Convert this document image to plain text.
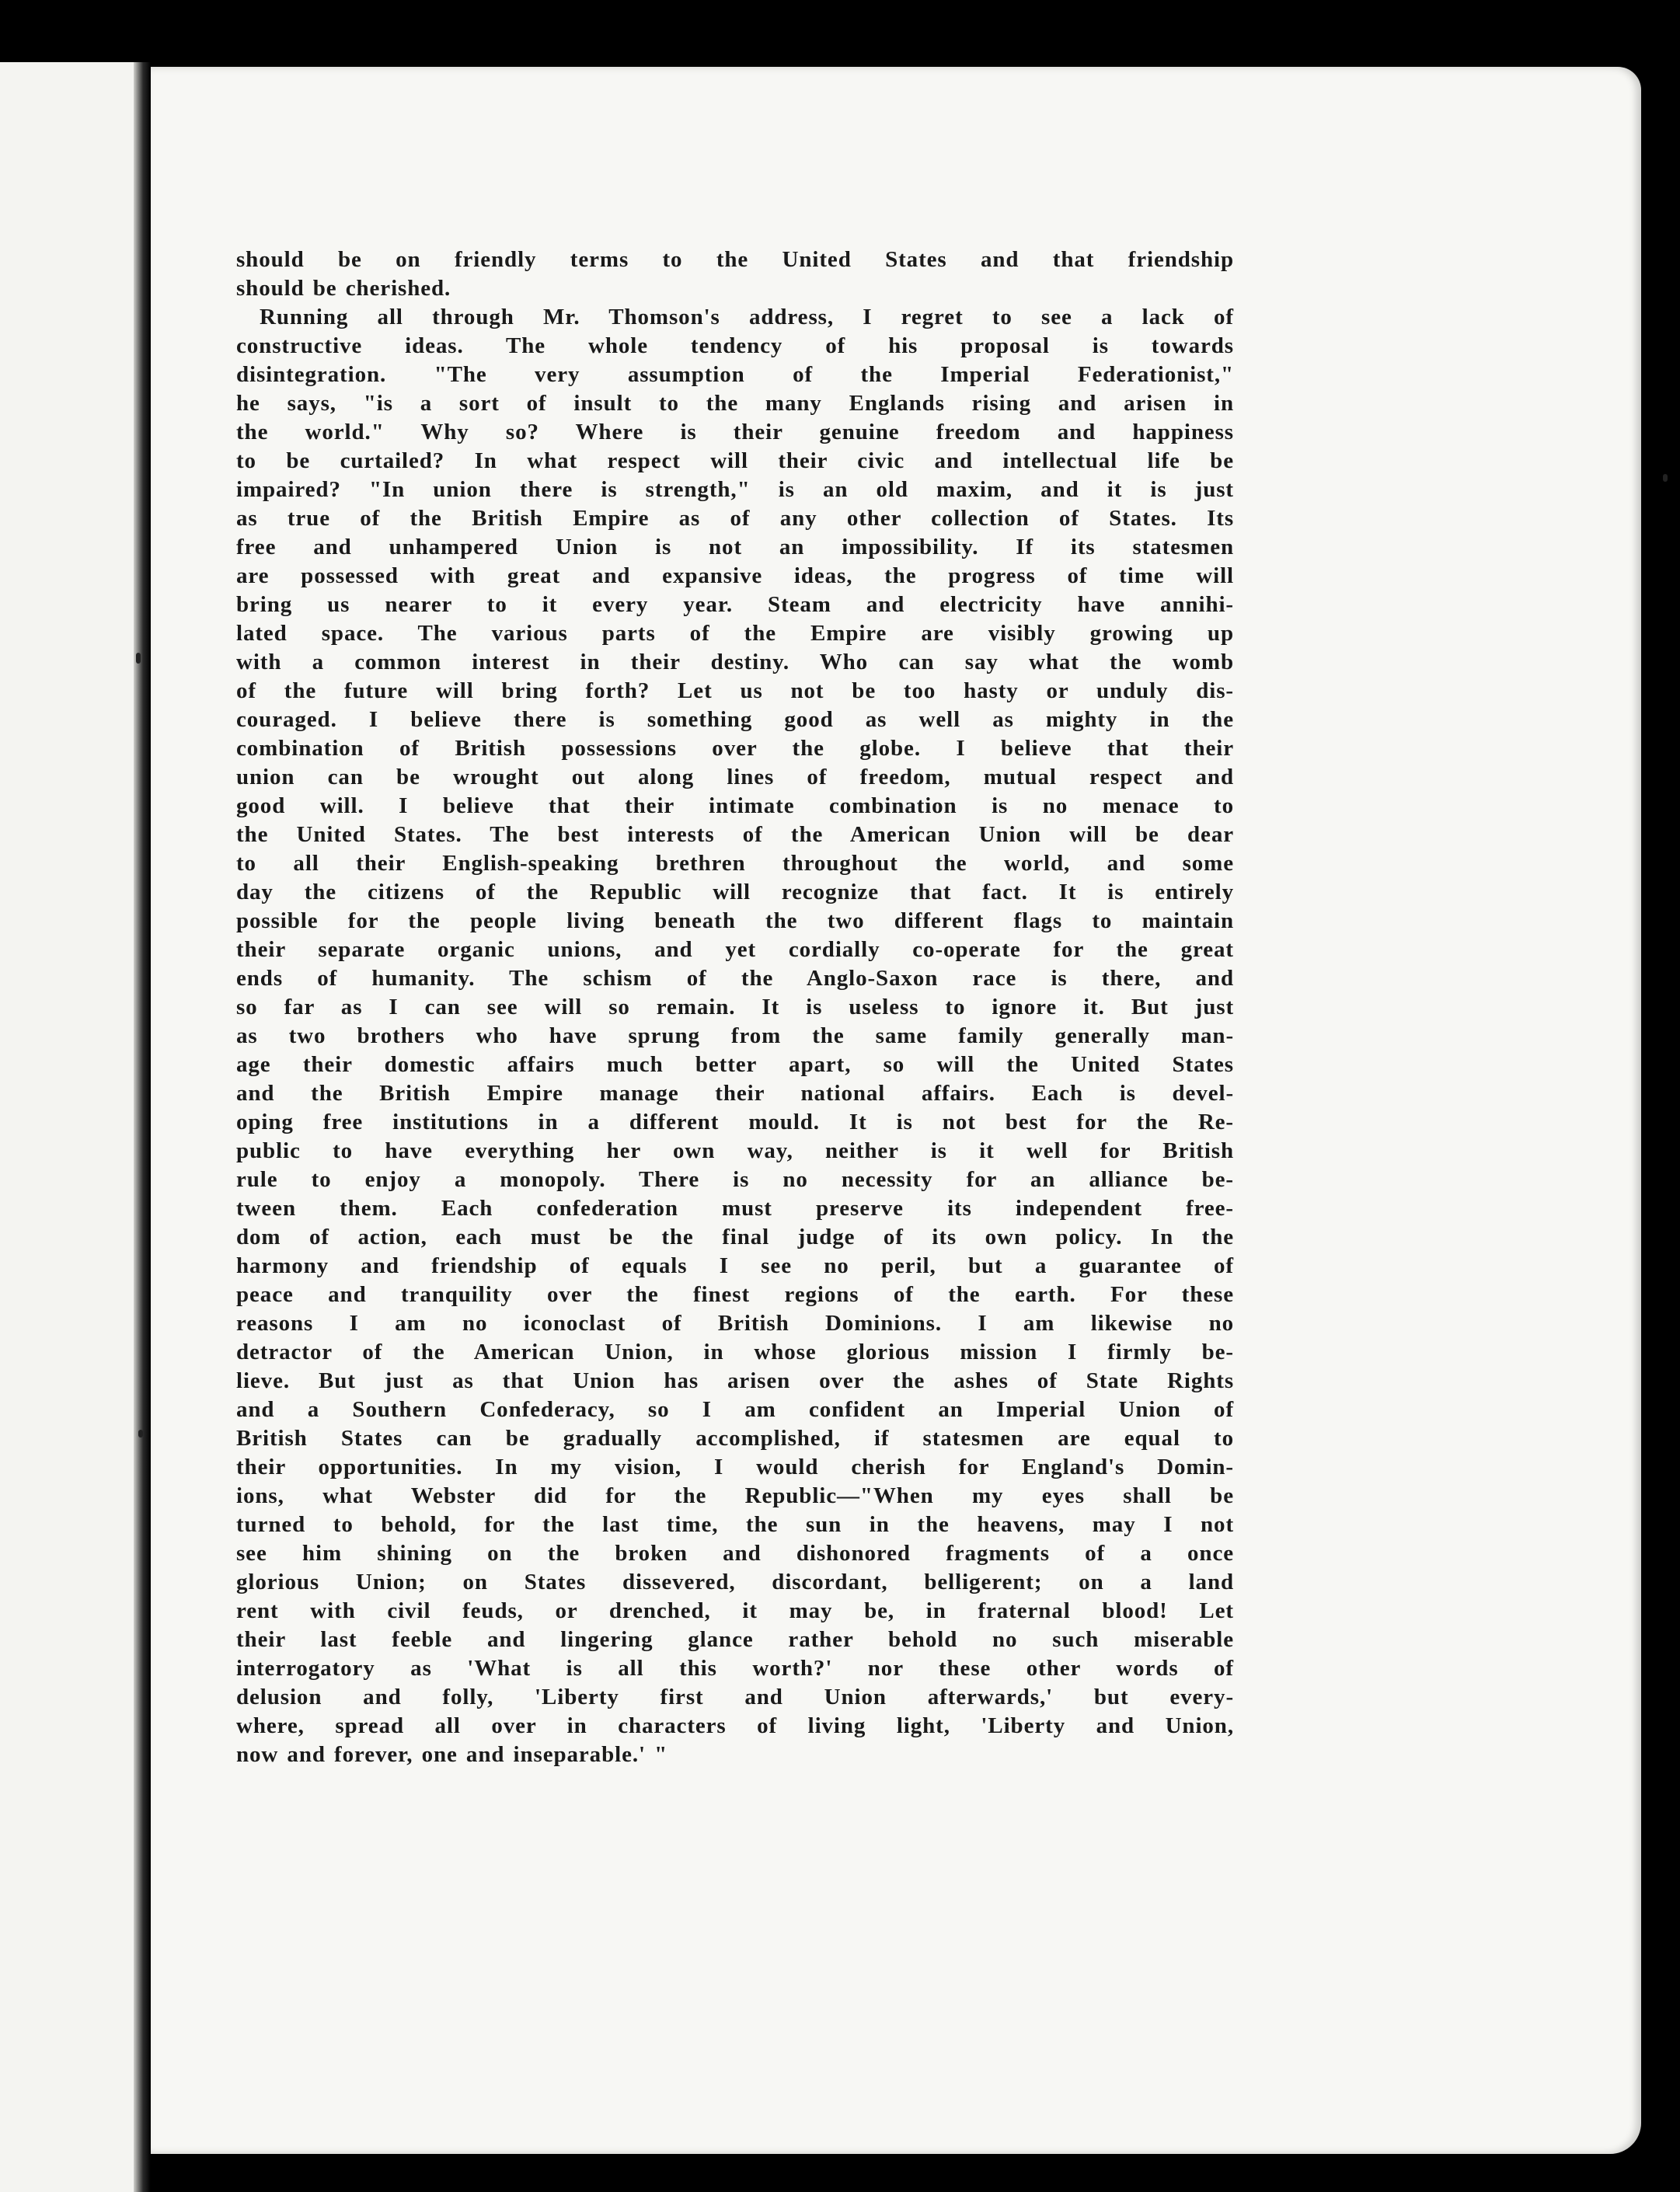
should be on friendly terms to the United States and that friendship
should be cherished.
Running all through Mr. Thomson's address, I regret to see a lack of
constructive ideas. The whole tendency of his proposal is towards
disintegration. "The very assumption of the Imperial Federationist,"
he says, "is a sort of insult to the many Englands rising and arisen in
the world." Why so? Where is their genuine freedom and happiness
to be curtailed? In what respect will their civic and intellectual life be
impaired? "In union there is strength," is an old maxim, and it is just
as true of the British Empire as of any other collection of States. Its
free and unhampered Union is not an impossibility. If its statesmen
are possessed with great and expansive ideas, the progress of time will
bring us nearer to it every year. Steam and electricity have annihi-
lated space. The various parts of the Empire are visibly growing up
with a common interest in their destiny. Who can say what the womb
of the future will bring forth? Let us not be too hasty or unduly dis-
couraged. I believe there is something good as well as mighty in the
combination of British possessions over the globe. I believe that their
union can be wrought out along lines of freedom, mutual respect and
good will. I believe that their intimate combination is no menace to
the United States. The best interests of the American Union will be dear
to all their English-speaking brethren throughout the world, and some
day the citizens of the Republic will recognize that fact. It is entirely
possible for the people living beneath the two different flags to maintain
their separate organic unions, and yet cordially co-operate for the great
ends of humanity. The schism of the Anglo-Saxon race is there, and
so far as I can see will so remain. It is useless to ignore it. But just
as two brothers who have sprung from the same family generally man-
age their domestic affairs much better apart, so will the United States
and the British Empire manage their national affairs. Each is devel-
oping free institutions in a different mould. It is not best for the Re-
public to have everything her own way, neither is it well for British
rule to enjoy a monopoly. There is no necessity for an alliance be-
tween them. Each confederation must preserve its independent free-
dom of action, each must be the final judge of its own policy. In the
harmony and friendship of equals I see no peril, but a guarantee of
peace and tranquility over the finest regions of the earth. For these
reasons I am no iconoclast of British Dominions. I am likewise no
detractor of the American Union, in whose glorious mission I firmly be-
lieve. But just as that Union has arisen over the ashes of State Rights
and a Southern Confederacy, so I am confident an Imperial Union of
British States can be gradually accomplished, if statesmen are equal to
their opportunities. In my vision, I would cherish for England's Domin-
ions, what Webster did for the Republic—"When my eyes shall be
turned to behold, for the last time, the sun in the heavens, may I not
see him shining on the broken and dishonored fragments of a once
glorious Union; on States dissevered, discordant, belligerent; on a land
rent with civil feuds, or drenched, it may be, in fraternal blood! Let
their last feeble and lingering glance rather behold no such miserable
interrogatory as 'What is all this worth?' nor these other words of
delusion and folly, 'Liberty first and Union afterwards,' but every-
where, spread all over in characters of living light, 'Liberty and Union,
now and forever, one and inseparable.' "
